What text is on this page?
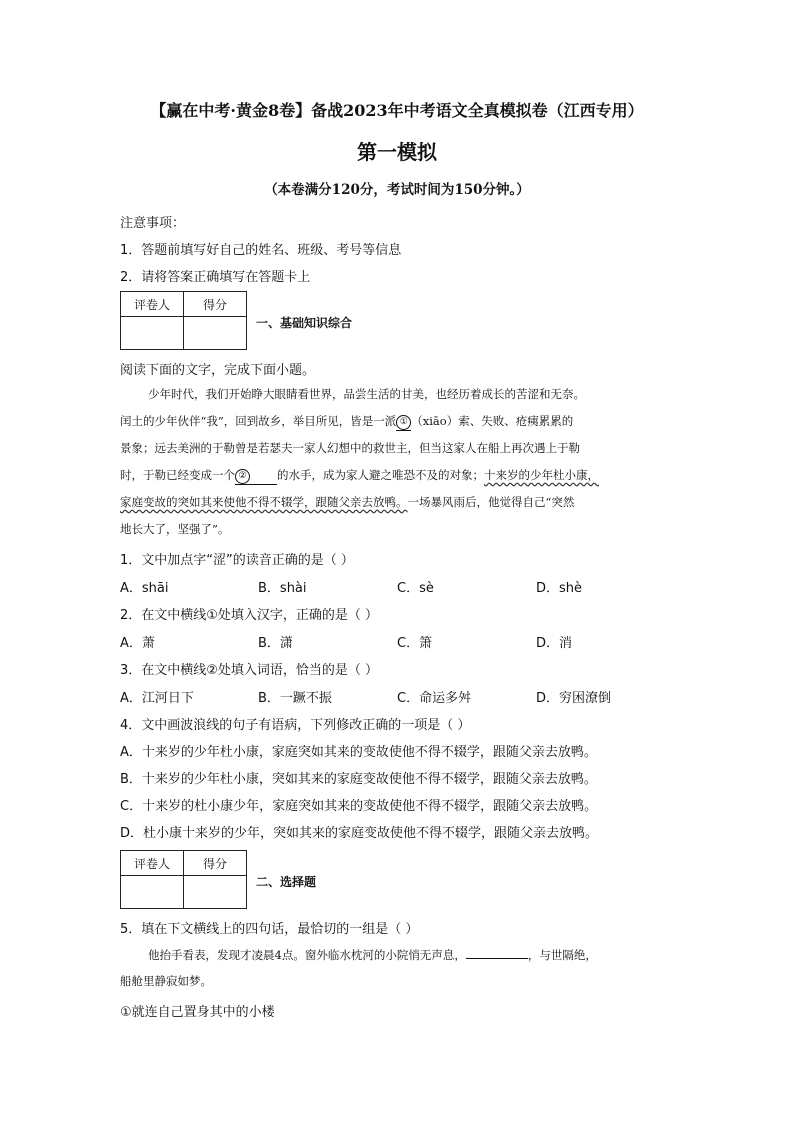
【赢在中考·黄金8卷】备战2023年中考语文全真模拟卷（江西专用）
第一模拟
（本卷满分120分，考试时间为150分钟。）
注意事项：
1．答题前填写好自己的姓名、班级、考号等信息
2．请将答案正确填写在答题卡上
评卷人	得分

一、基础知识综合
阅读下面的文字，完成下面小题。
少年时代，我们开始睁大眼睛看世界，品尝生活的甘美，也经历着成长的苦涩和无奈。
闰土的少年伙伴“我”，回到故乡，举目所见，皆是一派 ① （xiāo）索、失败、疮痍累累的
景象；远去美洲的于勒曾是若瑟夫一家人幻想中的救世主，但当这家人在船上再次遇上于勒
时，于勒已经变成一个 ②	的水手，成为家人避之唯恐不及的对象；十来岁的少年杜小康，
家庭变故的突如其来使他不得不辍学，跟随父亲去放鸭。一场暴风雨后，他觉得自己“突然
地长大了，坚强了”。
1．文中加点字“涩”的读音正确的是（ ）
A．shāi	B．shài	C．sè	D．shè
2．在文中横线①处填入汉字，正确的是（ ）
A．萧	B．潇	C．箫	D．消
3．在文中横线②处填入词语，恰当的是（ ）
A．江河日下	B．一蹶不振	C．命运多舛	D．穷困潦倒
4．文中画波浪线的句子有语病，下列修改正确的一项是（ ）
A．十来岁的少年杜小康，家庭突如其来的变故使他不得不辍学，跟随父亲去放鸭。
B．十来岁的少年杜小康，突如其来的家庭变故使他不得不辍学，跟随父亲去放鸭。
C．十来岁的杜小康少年，家庭突如其来的变故使他不得不辍学，跟随父亲去放鸭。
D．杜小康十来岁的少年，突如其来的家庭变故使他不得不辍学，跟随父亲去放鸭。
评卷人	得分

二、选择题
5．填在下文横线上的四句话，最恰切的一组是（ ）
他抬手看表，发现才凌晨4点。窗外临水枕河的小院悄无声息，	，与世隔绝，
船舱里静寂如梦。
①就连自己置身其中的小楼
